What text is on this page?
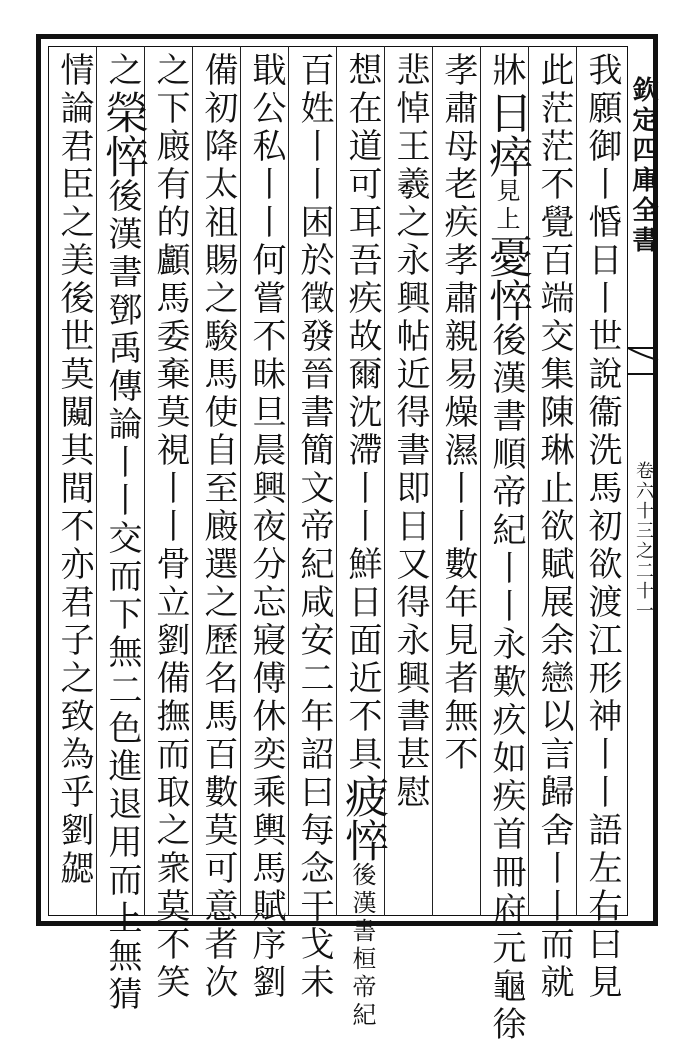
欽定四庫全書
卷六十三之二十一
我願御丨惛日丨世說衞洗馬初欲渡江形神丨丨語左右曰見
此茫茫不覺百端交集陳琳止欲賦展余戀以言歸舍丨丨而就
牀日瘁見上憂悴後漢書順帝紀丨丨永歎疚如疾首冊府元龜徐
孝肅母老疾孝肅親易燥濕丨丨數年見者無不
悲悼王羲之永興帖近得書即日又得永興書甚慰
想在道可耳吾疾故爾沈滯丨丨鮮日面近不具疲悴後漢書桓帝紀
百姓丨丨困於徵發晉書簡文帝紀咸安二年詔曰每念干戈未
戢公私丨丨何嘗不昧旦晨興夜分忘寢傅休奕乘輿馬賦序劉
備初降太祖賜之駿馬使自至廄選之歷名馬百數莫可意者次
之下廄有的顱馬委棄莫視丨丨骨立劉備撫而取之衆莫不笑
之榮悴後漢書鄧禹傳論丨丨交而下無二色進退用而上無猜
情論君臣之美後世莫闚其間不亦君子之致為乎劉勰
